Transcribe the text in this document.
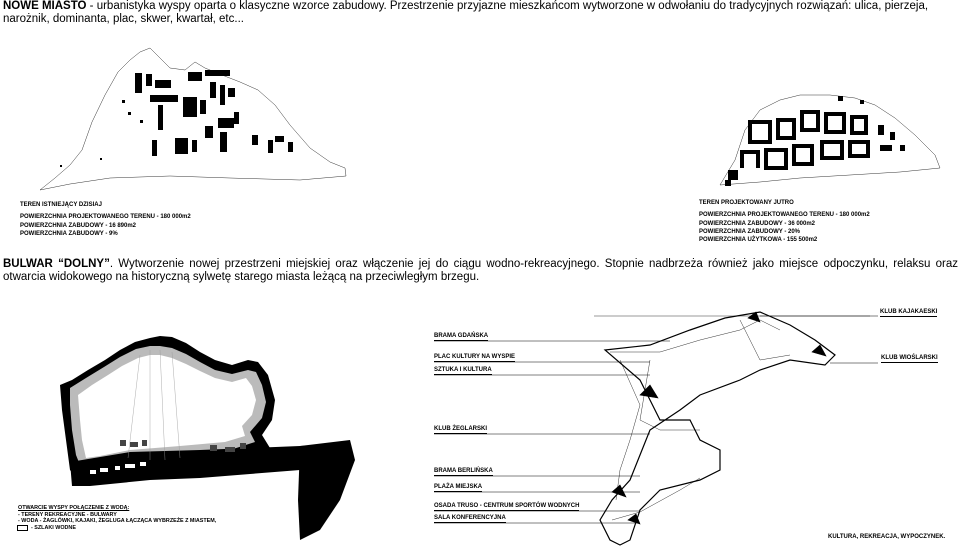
NOWE MIASTO - urbanistyka wyspy oparta o klasyczne wzorce zabudowy. Przestrzenie przyjazne mieszkańcom wytworzone w odwołaniu do tradycyjnych rozwiązań: ulica, pierzeja, narożnik, dominanta, plac, skwer, kwartał, etc...

TEREN ISTNIEJĄCY DZISIAJ
POWIERZCHNIA PROJEKTOWANEGO TERENU - 180 000m2
POWIERZCHNIA ZABUDOWY - 16 890m2
POWIERZCHNIA ZABUDOWY - 9%
TEREN PROJEKTOWANY JUTRO
POWIERZCHNIA PROJEKTOWANEGO TERENU - 180 000m2
POWIERZCHNIA ZABUDOWY - 36 000m2
POWIERZCHNIA ZABUDOWY - 20%
POWIERZCHNIA UŻYTKOWA - 155 500m2

BULWAR “DOLNY”. Wytworzenie nowej przestrzeni miejskiej oraz włączenie jej do ciągu wodno-rekreacyjnego. Stopnie nadbrzeża również jako miejsce odpoczynku, relaksu oraz otwarcia widokowego na historyczną sylwetę starego miasta leżącą na przeciwległym brzegu.

KLUB KAJAKAESKI
BRAMA GDAŃSKA
PLAC KULTURY NA WYSPIE
SZTUKA I KULTURA
KLUB WIOŚLARSKI
KLUB ŻEGLARSKI
BRAMA BERLIŃSKA
PLAŻA MIEJSKA
OSADA TRUSO - CENTRUM SPORTÓW WODNYCH
SALA KONFERENCYJNA
KULTURA, REKREACJA, WYPOCZYNEK.
OTWARCIE WYSPY POŁĄCZENIE Z WODĄ:
- TERENY REKREACYJNE - BULWARY
- WODA - ŻAGLÓWKI, KAJAKI, ŻEGLUGA ŁĄCZĄCA WYBRZEŻE Z MIASTEM,
- SZLAKI WODNE
